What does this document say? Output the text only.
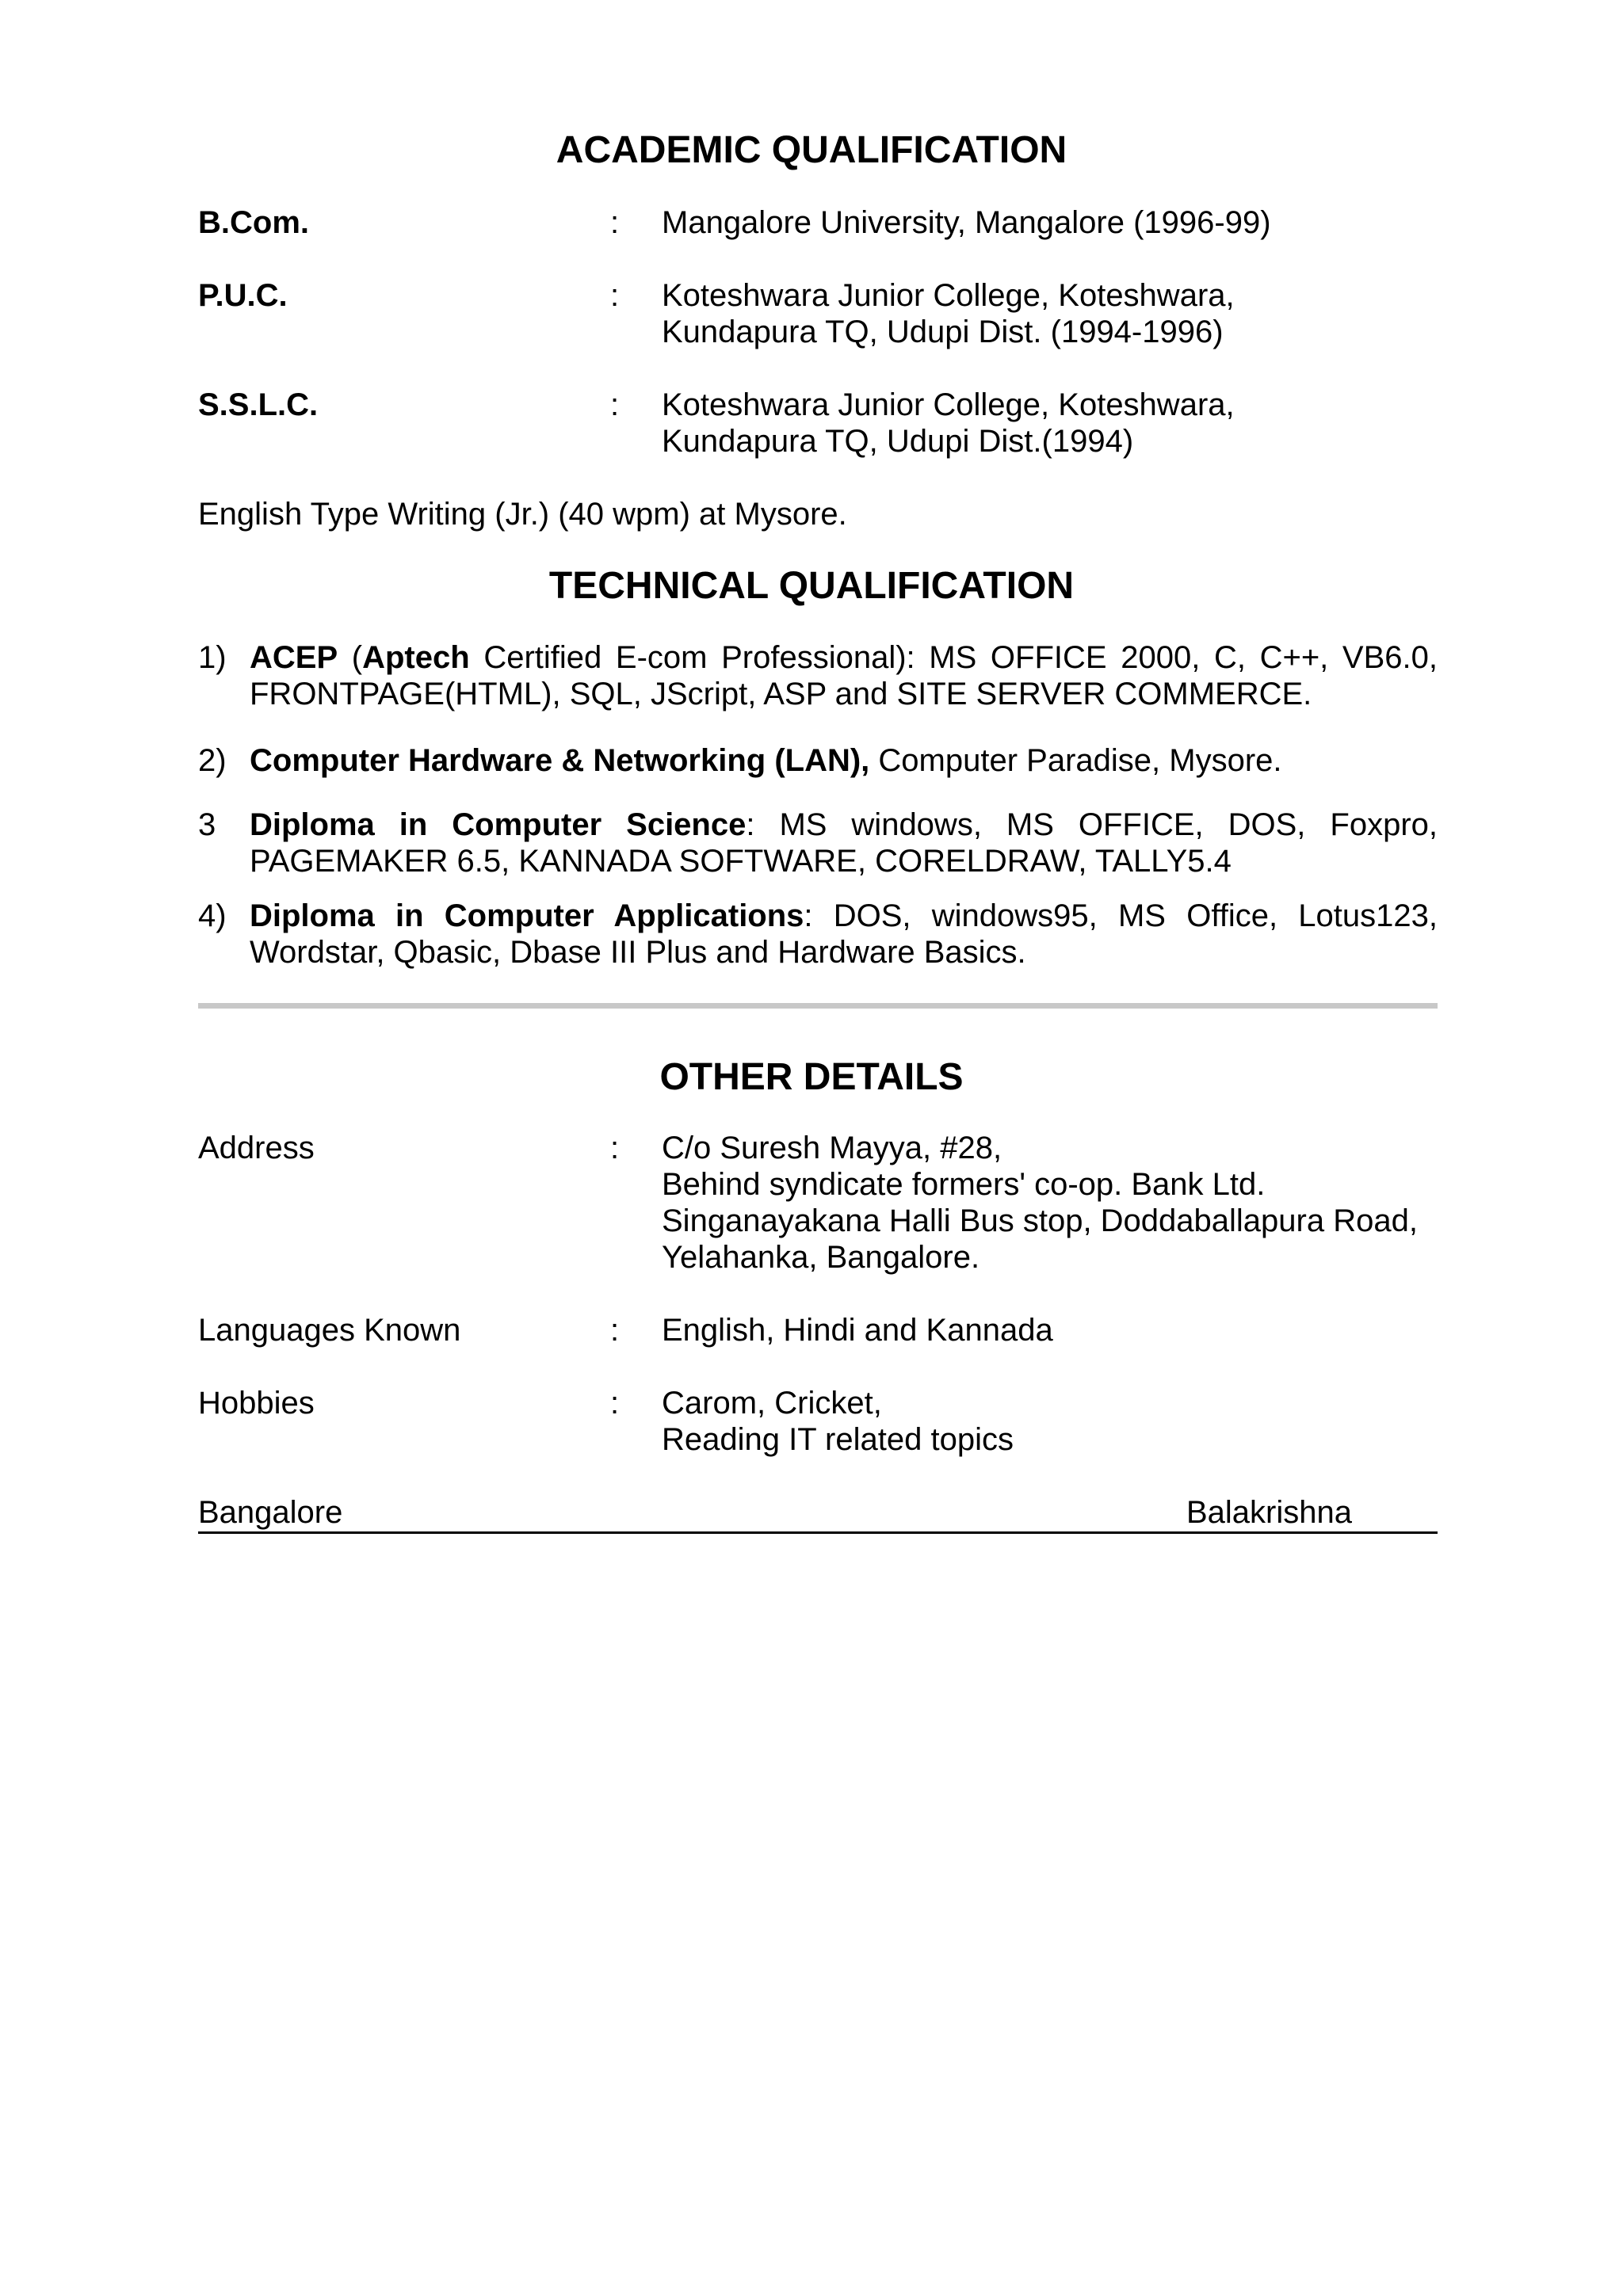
ACADEMIC QUALIFICATION
B.Com.	: Mangalore University, Mangalore (1996-99)
P.U.C.	: Koteshwara Junior College, Koteshwara,
Kundapura TQ, Udupi Dist. (1994-1996)
S.S.L.C.	: Koteshwara Junior College, Koteshwara,
Kundapura TQ, Udupi Dist.(1994)
English Type Writing (Jr.) (40 wpm) at Mysore.
TECHNICAL QUALIFICATION
1) ACEP (Aptech Certified E-com Professional): MS OFFICE 2000, C, C++, VB6.0, FRONTPAGE(HTML), SQL, JScript, ASP and SITE SERVER COMMERCE.
2) Computer Hardware & Networking (LAN), Computer Paradise, Mysore.
3 Diploma in Computer Science: MS windows, MS OFFICE, DOS, Foxpro, PAGEMAKER 6.5, KANNADA SOFTWARE, CORELDRAW, TALLY5.4
4) Diploma in Computer Applications: DOS, windows95, MS Office, Lotus123, Wordstar, Qbasic, Dbase III Plus and Hardware Basics.
OTHER DETAILS
Address	: C/o Suresh Mayya, #28,
Behind syndicate formers' co-op. Bank Ltd.
Singanayakana Halli Bus stop, Doddaballapura Road,
Yelahanka, Bangalore.
Languages Known	: English, Hindi and Kannada
Hobbies	: Carom, Cricket,
Reading IT related topics
Bangalore	Balakrishna
